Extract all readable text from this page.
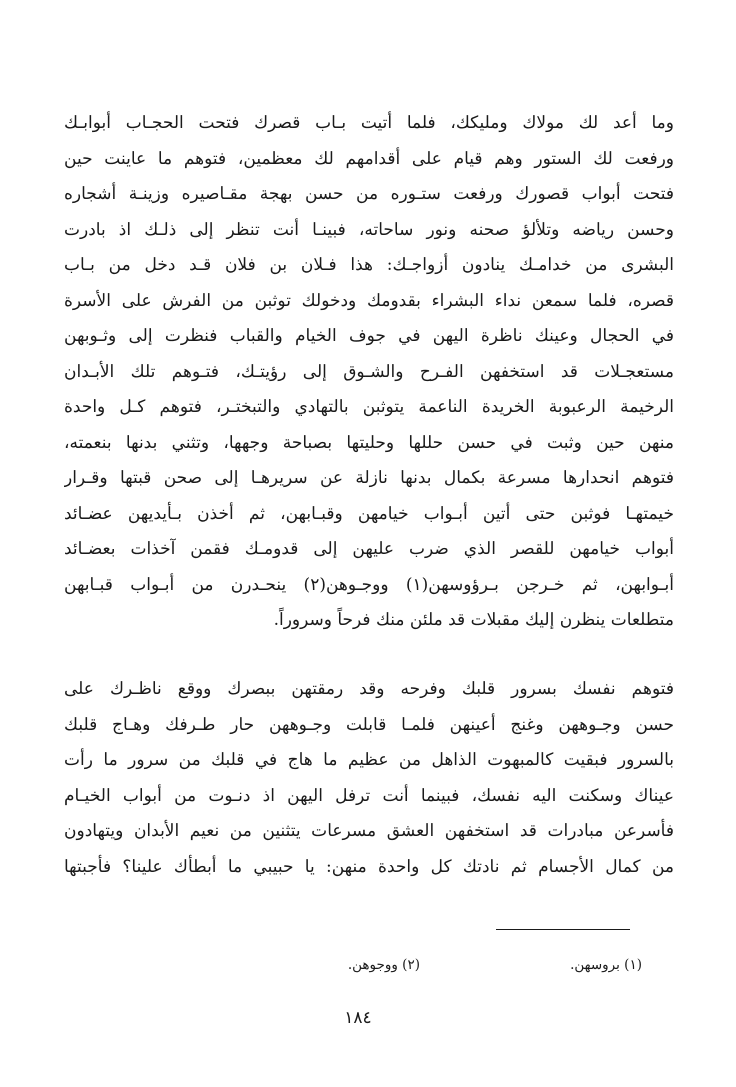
وما أعد لك مولاك ومليكك، فلما أتيت بـاب قصرك فتحت الحجـاب أبوابـك
ورفعت لك الستور وهم قيام على أقدامهم لك معظمين، فتوهم ما عاينت حين
فتحت أبواب قصورك ورفعت ستـوره من حسن بهجة مقـاصيره وزينـة أشجاره
وحسن رياضه وتلألؤ صحنه ونور ساحاته، فبينـا أنت تنظر إلى ذلـك اذ بادرت
البشرى من خدامـك ينادون أزواجـك: هذا فـلان بن فلان قـد دخل من بـاب
قصره، فلما سمعن نداء البشراء بقدومك ودخولك توثبن من الفرش على الأسرة
في الحجال وعينك ناظرة اليهن في جوف الخيام والقباب فنظرت إلى وثـوبهن
مستعجـلات قد استخفهن الفـرح والشـوق إلى رؤيتـك، فتـوهم تلك الأبـدان
الرخيمة الرعبوبة الخريدة الناعمة يتوثبن بالتهادي والتبختـر، فتوهم كـل واحدة
منهن حين وثبت في حسن حللها وحليتها بصباحة وجهها، وتثني بدنها بنعمته،
فتوهم انحدارها مسرعة بكمال بدنها نازلة عن سريرهـا إلى صحن قبتها وقـرار
خيمتهـا فوثبن حتى أتين أبـواب خيامهن وقبـابهن، ثم أخذن بـأيديهن عضـائد
أبواب خيامهن للقصر الذي ضرب عليهن إلى قدومـك فقمن آخذات بعضـائد
أبـوابهن، ثم خـرجن بـرؤوسهن(١) ووجـوهن(٢) ينحـدرن من أبـواب قبـابهن
متطلعات ينظرن إليك مقبلات قد ملئن منك فرحاً وسروراً.
فتوهم نفسك بسرور قلبك وفرحه وقد رمقتهن ببصرك ووقع ناظـرك على
حسن وجـوههن وغنج أعينهن فلمـا قابلت وجـوههن حار طـرفك وهـاج قلبك
بالسرور فبقيت كالمبهوت الذاهل من عظيم ما هاج في قلبك من سرور ما رأت
عيناك وسكنت اليه نفسك، فبينما أنت ترفل اليهن اذ دنـوت من أبواب الخيـام
فأسرعن مبادرات قد استخفهن العشق مسرعات يتثنين من نعيم الأبدان ويتهادون
من كمال الأجسام ثم نادتك كل واحدة منهن: يا حبيبي ما أبطأك علينا؟ فأجبتها
(١) بروسهن.
(٢) ووجوهن.
١٨٤
